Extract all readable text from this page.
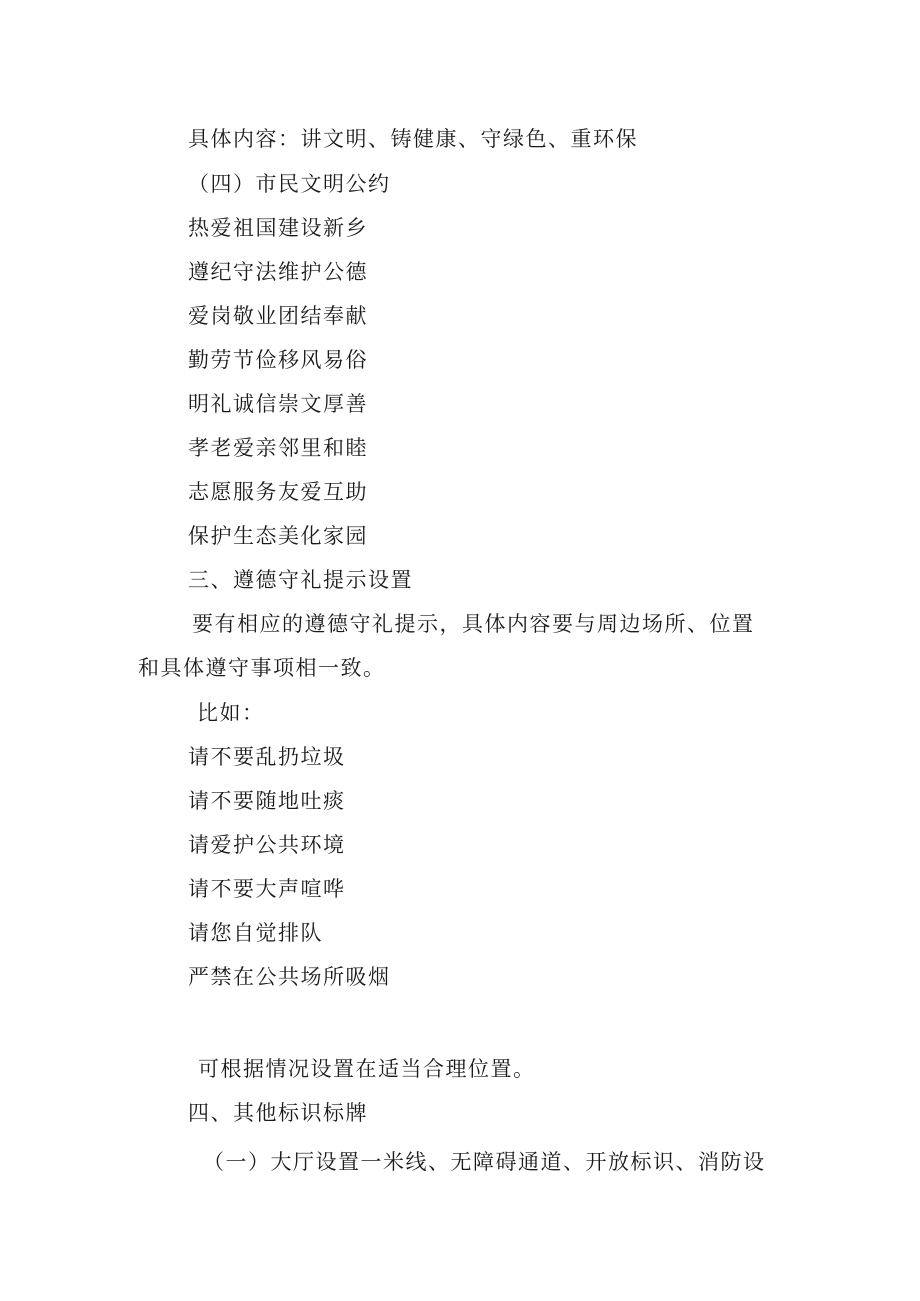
具体内容：讲文明、铸健康、守绿色、重环保
（四）市民文明公约
热爱祖国建设新乡
遵纪守法维护公德
爱岗敬业团结奉献
勤劳节俭移风易俗
明礼诚信崇文厚善
孝老爱亲邻里和睦
志愿服务友爱互助
保护生态美化家园
三、遵德守礼提示设置
要有相应的遵德守礼提示，具体内容要与周边场所、位置
和具体遵守事项相一致。
比如：
请不要乱扔垃圾
请不要随地吐痰
请爱护公共环境
请不要大声喧哗
请您自觉排队
严禁在公共场所吸烟
可根据情况设置在适当合理位置。
四、其他标识标牌
（一）大厅设置一米线、无障碍通道、开放标识、消防设
